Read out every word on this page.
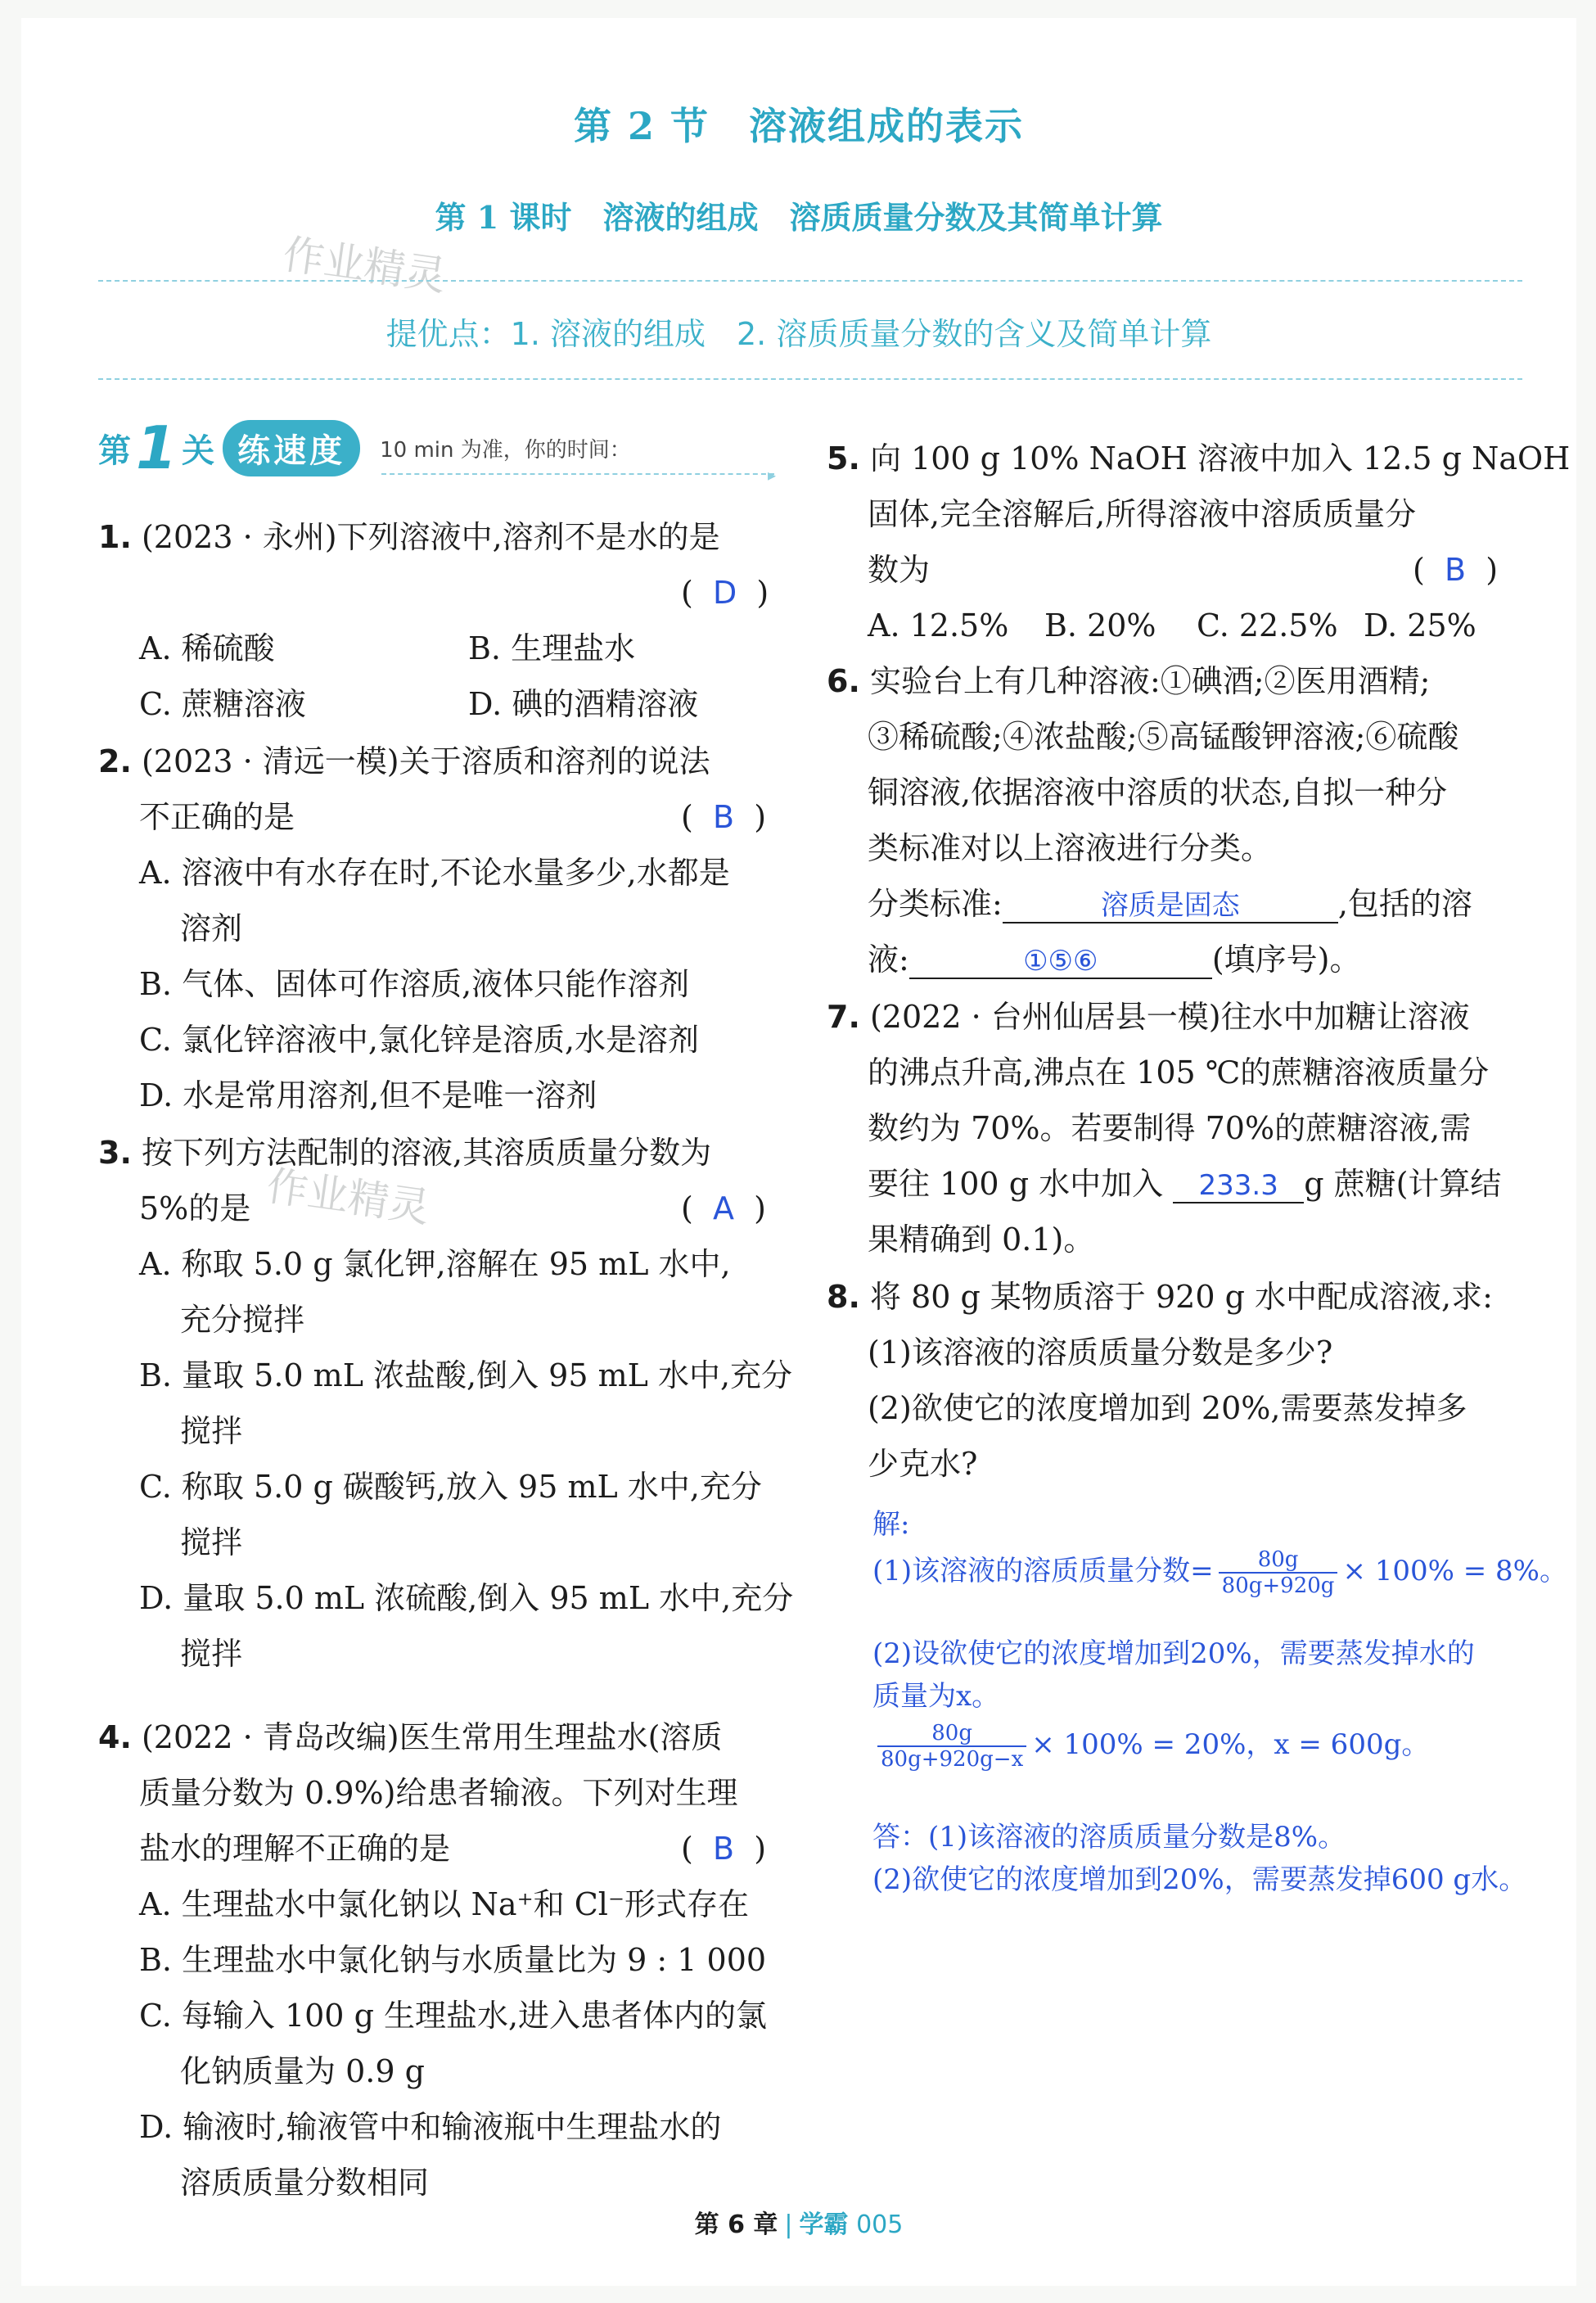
第 2 节　溶液组成的表示
第 1 课时　溶液的组成　溶质质量分数及其简单计算
作业精灵
提优点：1. 溶液的组成　2. 溶质质量分数的含义及简单计算
第 1 关 练速度	10 min 为准，你的时间：
▸
1. (2023 · 永州)下列溶液中,溶剂不是水的是
(  D  )
A. 稀硫酸	B. 生理盐水
C. 蔗糖溶液	D. 碘的酒精溶液
2. (2023 · 清远一模)关于溶质和溶剂的说法
不正确的是	(  B  )
A. 溶液中有水存在时,不论水量多少,水都是
溶剂
B. 气体、固体可作溶质,液体只能作溶剂
C. 氯化锌溶液中,氯化锌是溶质,水是溶剂
D. 水是常用溶剂,但不是唯一溶剂
3. 按下列方法配制的溶液,其溶质质量分数为
5%的是 作业精灵	(  A  )
A. 称取 5.0 g 氯化钾,溶解在 95 mL 水中,
充分搅拌
B. 量取 5.0 mL 浓盐酸,倒入 95 mL 水中,充分
搅拌
C. 称取 5.0 g 碳酸钙,放入 95 mL 水中,充分
搅拌
D. 量取 5.0 mL 浓硫酸,倒入 95 mL 水中,充分
搅拌
4. (2022 · 青岛改编)医生常用生理盐水(溶质
质量分数为 0.9%)给患者输液。下列对生理
盐水的理解不正确的是	(  B  )
A. 生理盐水中氯化钠以 Na⁺和 Cl⁻形式存在
B. 生理盐水中氯化钠与水质量比为 9 : 1 000
C. 每输入 100 g 生理盐水,进入患者体内的氯
化钠质量为 0.9 g
D. 输液时,输液管中和输液瓶中生理盐水的
溶质质量分数相同
5. 向 100 g 10% NaOH 溶液中加入 12.5 g NaOH
固体,完全溶解后,所得溶液中溶质质量分
数为	(  B  )
A. 12.5% B. 20% C. 22.5% D. 25%
6. 实验台上有几种溶液:①碘酒;②医用酒精;
③稀硫酸;④浓盐酸;⑤高锰酸钾溶液;⑥硫酸
铜溶液,依据溶液中溶质的状态,自拟一种分
类标准对以上溶液进行分类。
分类标准:	溶质是固态	,包括的溶
液:	①⑤⑥	(填序号)。
7. (2022 · 台州仙居县一模)往水中加糖让溶液
的沸点升高,沸点在 105 ℃的蔗糖溶液质量分
数约为 70%。若要制得 70%的蔗糖溶液,需
要往 100 g 水中加入 233.3 g 蔗糖(计算结
果精确到 0.1)。
8. 将 80 g 某物质溶于 920 g 水中配成溶液,求:
(1)该溶液的溶质质量分数是多少?
(2)欲使它的浓度增加到 20%,需要蒸发掉多
少克水?
解:
(1)该溶液的溶质质量分数= $\frac{80g}{80g+920g} \times 100\% = 8\%$。
(2)设欲使它的浓度增加到20%，需要蒸发掉水的
质量为x。
$\frac{80g}{80g+920g-x} \times 100\% = 20\%$，x = 600g。
答：(1)该溶液的溶质质量分数是8%。
(2)欲使它的浓度增加到20%，需要蒸发掉600 g水。
第 6 章 | 学霸 005
